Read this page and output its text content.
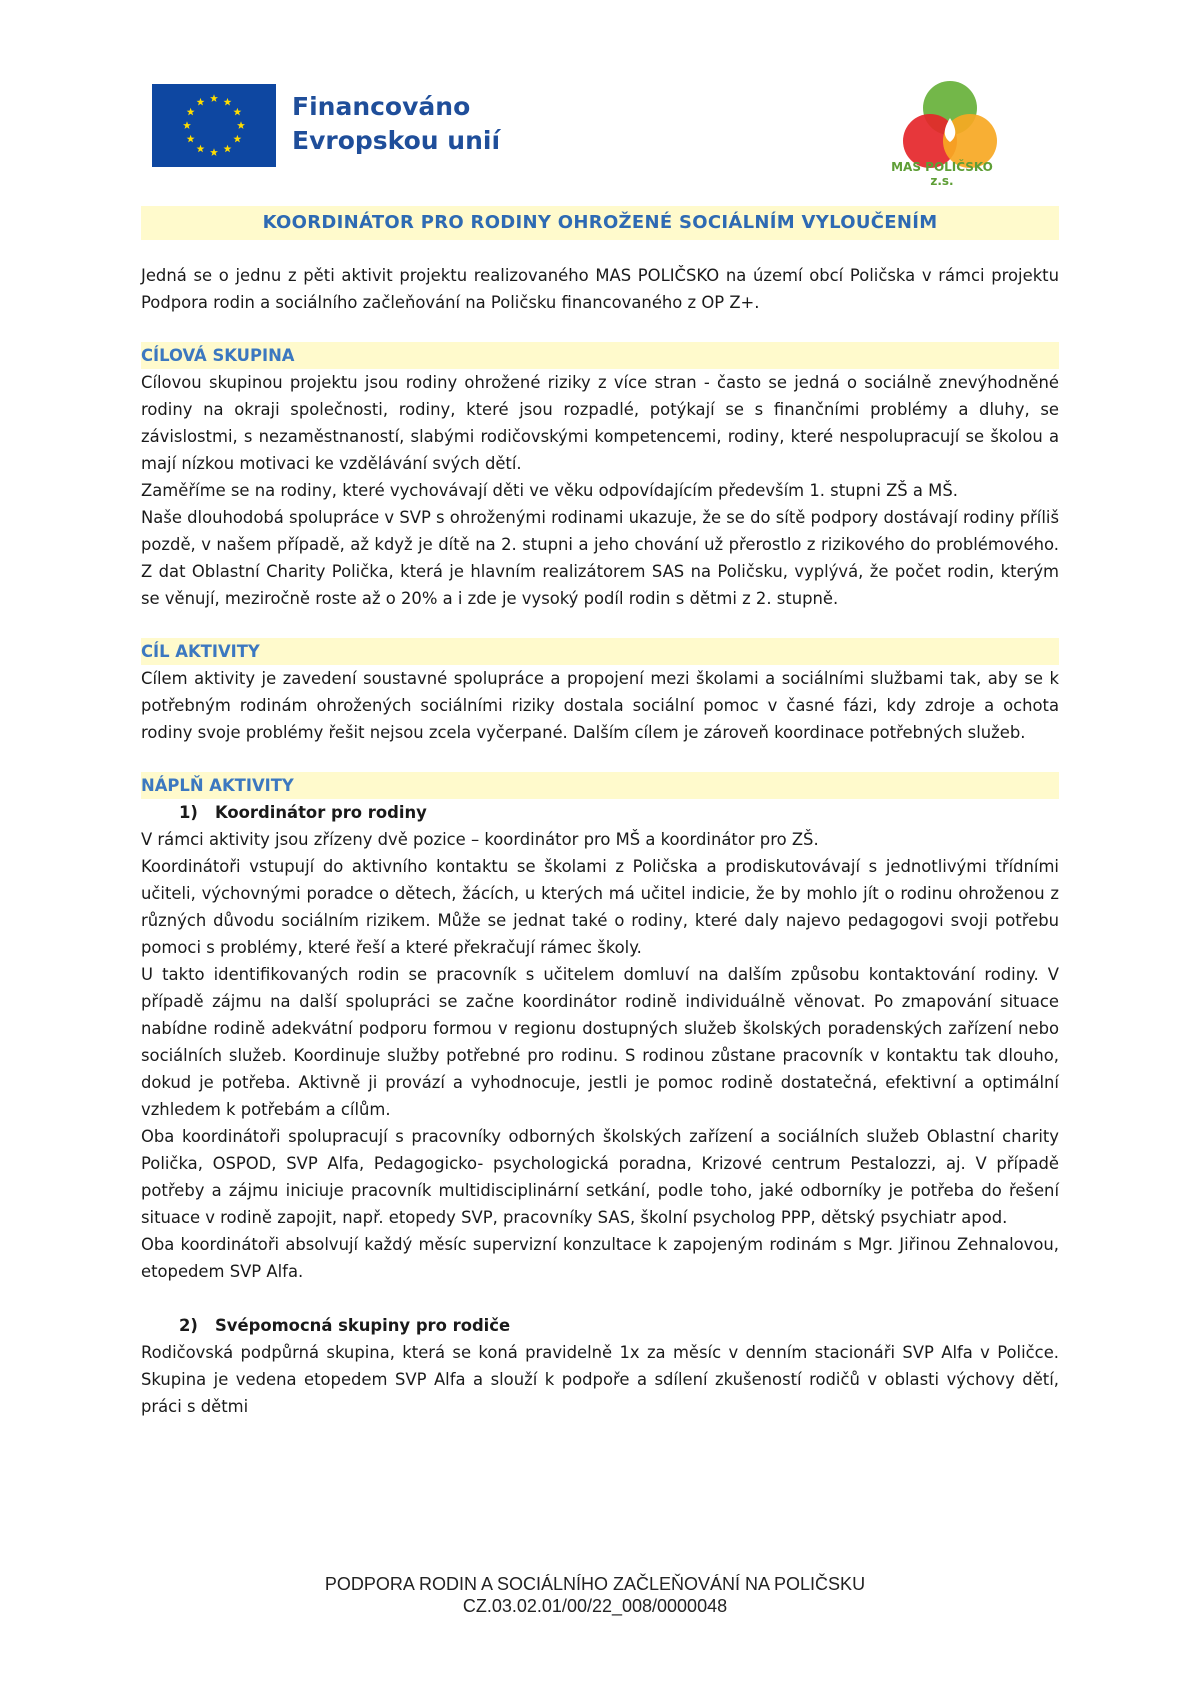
Financováno
Evropskou unií
MAS POLIČSKO z.s.
KOORDINÁTOR PRO RODINY OHROŽENÉ SOCIÁLNÍM VYLOUČENÍM

Jedná se o jednu z pěti aktivit projektu realizovaného MAS POLIČSKO na území obcí Poličska v rámci projektu Podpora rodin a sociálního začleňování na Poličsku financovaného z OP Z+.

CÍLOVÁ SKUPINA

Cílovou skupinou projektu jsou rodiny ohrožené riziky z více stran - často se jedná o sociálně znevýhodněné rodiny na okraji společnosti, rodiny, které jsou rozpadlé, potýkají se s finančními problémy a dluhy, se závislostmi, s nezaměstnaností, slabými rodičovskými kompetencemi, rodiny, které nespolupracují se školou a mají nízkou motivaci ke vzdělávání svých dětí.

Zaměříme se na rodiny, které vychovávají děti ve věku odpovídajícím především 1. stupni ZŠ a MŠ.

Naše dlouhodobá spolupráce v SVP s ohroženými rodinami ukazuje, že se do sítě podpory dostávají rodiny příliš pozdě, v našem případě, až když je dítě na 2. stupni a jeho chování už přerostlo z rizikového do problémového. Z dat Oblastní Charity Polička, která je hlavním realizátorem SAS na Poličsku, vyplývá, že počet rodin, kterým se věnují, meziročně roste až o 20% a i zde je vysoký podíl rodin s dětmi z 2. stupně.

CÍL AKTIVITY

Cílem aktivity je zavedení soustavné spolupráce a propojení mezi školami a sociálními službami tak, aby se k potřebným rodinám ohrožených sociálními riziky dostala sociální pomoc v časné fázi, kdy zdroje a ochota rodiny svoje problémy řešit nejsou zcela vyčerpané. Dalším cílem je zároveň koordinace potřebných služeb.

NÁPLŇ AKTIVITY
1) Koordinátor pro rodiny

V rámci aktivity jsou zřízeny dvě pozice – koordinátor pro MŠ a koordinátor pro ZŠ.

Koordinátoři vstupují do aktivního kontaktu se školami z Poličska a prodiskutovávají s jednotlivými třídními učiteli, výchovnými poradce o dětech, žácích, u kterých má učitel indicie, že by mohlo jít o rodinu ohroženou z různých důvodu sociálním rizikem. Může se jednat také o rodiny, které daly najevo pedagogovi svoji potřebu pomoci s problémy, které řeší a které překračují rámec školy.

U takto identifikovaných rodin se pracovník s učitelem domluví na dalším způsobu kontaktování rodiny. V případě zájmu na další spolupráci se začne koordinátor rodině individuálně věnovat. Po zmapování situace nabídne rodině adekvátní podporu formou v regionu dostupných služeb školských poradenských zařízení nebo sociálních služeb. Koordinuje služby potřebné pro rodinu. S rodinou zůstane pracovník v kontaktu tak dlouho, dokud je potřeba. Aktivně ji provází a vyhodnocuje, jestli je pomoc rodině dostatečná, efektivní a optimální vzhledem k potřebám a cílům.

Oba koordinátoři spolupracují s pracovníky odborných školských zařízení a sociálních služeb Oblastní charity Polička, OSPOD, SVP Alfa, Pedagogicko- psychologická poradna, Krizové centrum Pestalozzi, aj. V případě potřeby a zájmu iniciuje pracovník multidisciplinární setkání, podle toho, jaké odborníky je potřeba do řešení situace v rodině zapojit, např. etopedy SVP, pracovníky SAS, školní psycholog PPP, dětský psychiatr apod.

Oba koordinátoři absolvují každý měsíc supervizní konzultace k zapojeným rodinám s Mgr. Jiřinou Zehnalovou, etopedem SVP Alfa.

2) Svépomocná skupiny pro rodiče

Rodičovská podpůrná skupina, která se koná pravidelně 1x za měsíc v denním stacionáři SVP Alfa v Poličce. Skupina je vedena etopedem SVP Alfa a slouží k podpoře a sdílení zkušeností rodičů v oblasti výchovy dětí, práci s dětmi

PODPORA RODIN A SOCIÁLNÍHO ZAČLEŇOVÁNÍ NA POLIČSKU
CZ.03.02.01/00/22_008/0000048
